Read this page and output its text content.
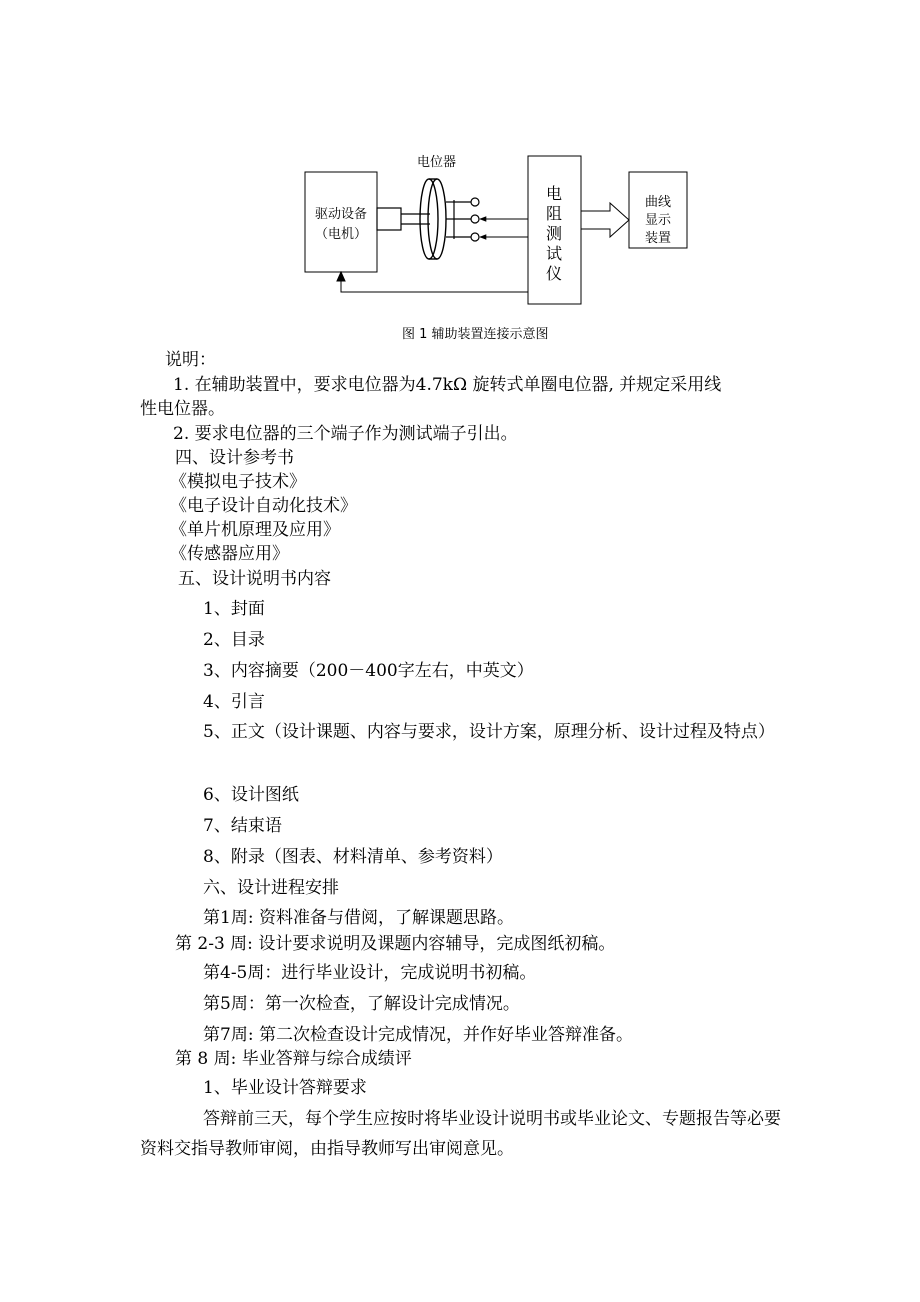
电位器
驱动设备
（电机）
电
阻
测
试
仪
曲线
显示
装置
图 1 辅助装置连接示意图
说明：
1. 在辅助装置中，要求电位器为4.7kΩ 旋转式单圈电位器, 并规定采用线
性电位器。
2. 要求电位器的三个端子作为测试端子引出。
四、设计参考书
《模拟电子技术》
《电子设计自动化技术》
《单片机原理及应用》
《传感器应用》
五、设计说明书内容
1、封面
2、目录
3、内容摘要（200－400字左右，中英文）
4、引言
5、正文（设计课题、内容与要求，设计方案，原理分析、设计过程及特点）
6、设计图纸
7、结束语
8、附录（图表、材料清单、参考资料）
六、设计进程安排
第1周: 资料准备与借阅，了解课题思路。
第 2-3 周: 设计要求说明及课题内容辅导，完成图纸初稿。
第4-5周：进行毕业设计，完成说明书初稿。
第5周：第一次检查，了解设计完成情况。
第7周: 第二次检查设计完成情况，并作好毕业答辩准备。
第 8 周: 毕业答辩与综合成绩评
1、毕业设计答辩要求
答辩前三天，每个学生应按时将毕业设计说明书或毕业论文、专题报告等必要资料交指导教师审阅，由指导教师写出审阅意见。
